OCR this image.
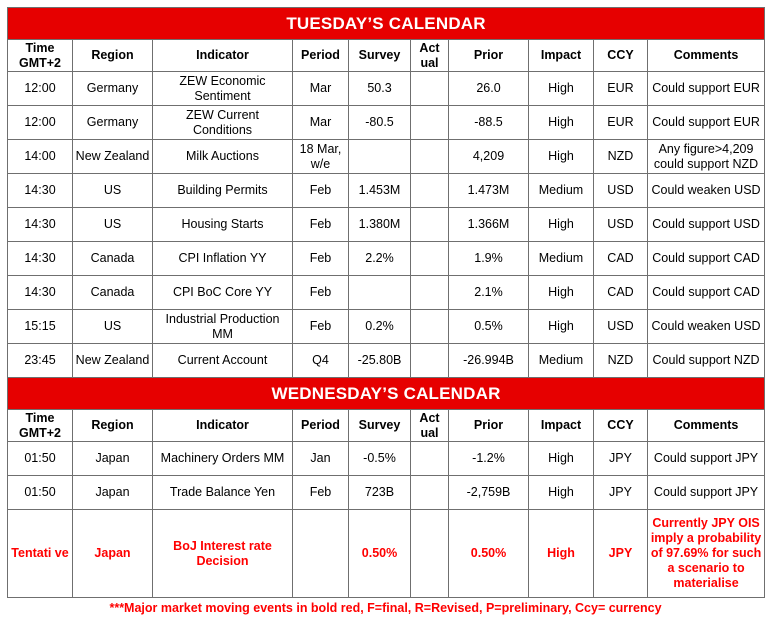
TUESDAY’S CALENDAR									
Time GMT+2	Region	Indicator	Period	Survey	Act ual	Prior	Impact	CCY	Comments
12:00	Germany	ZEW Economic Sentiment	Mar	50.3		26.0	High	EUR	Could support EUR
12:00	Germany	ZEW Current Conditions	Mar	-80.5		-88.5	High	EUR	Could support EUR
14:00	New Zealand	Milk Auctions	18 Mar, w/e			4,209	High	NZD	Any figure>4,209 could support NZD
14:30	US	Building Permits	Feb	1.453M		1.473M	Medium	USD	Could weaken USD
14:30	US	Housing Starts	Feb	1.380M		1.366M	High	USD	Could support USD
14:30	Canada	CPI Inflation YY	Feb	2.2%		1.9%	Medium	CAD	Could support CAD
14:30	Canada	CPI BoC Core YY	Feb			2.1%	High	CAD	Could support CAD
15:15	US	Industrial Production MM	Feb	0.2%		0.5%	High	USD	Could weaken USD
23:45	New Zealand	Current Account	Q4	-25.80B		-26.994B	Medium	NZD	Could support NZD
WEDNESDAY’S CALENDAR									
Time GMT+2	Region	Indicator	Period	Survey	Act ual	Prior	Impact	CCY	Comments
01:50	Japan	Machinery Orders MM	Jan	-0.5%		-1.2%	High	JPY	Could support JPY
01:50	Japan	Trade Balance Yen	Feb	723B		-2,759B	High	JPY	Could support JPY
Tentati ve	Japan	BoJ Interest rate Decision		0.50%		0.50%	High	JPY	Currently JPY OIS imply a probability of 97.69% for such a scenario to materialise
***Major market moving events in bold red, F=final, R=Revised, P=preliminary, Ccy= currency
